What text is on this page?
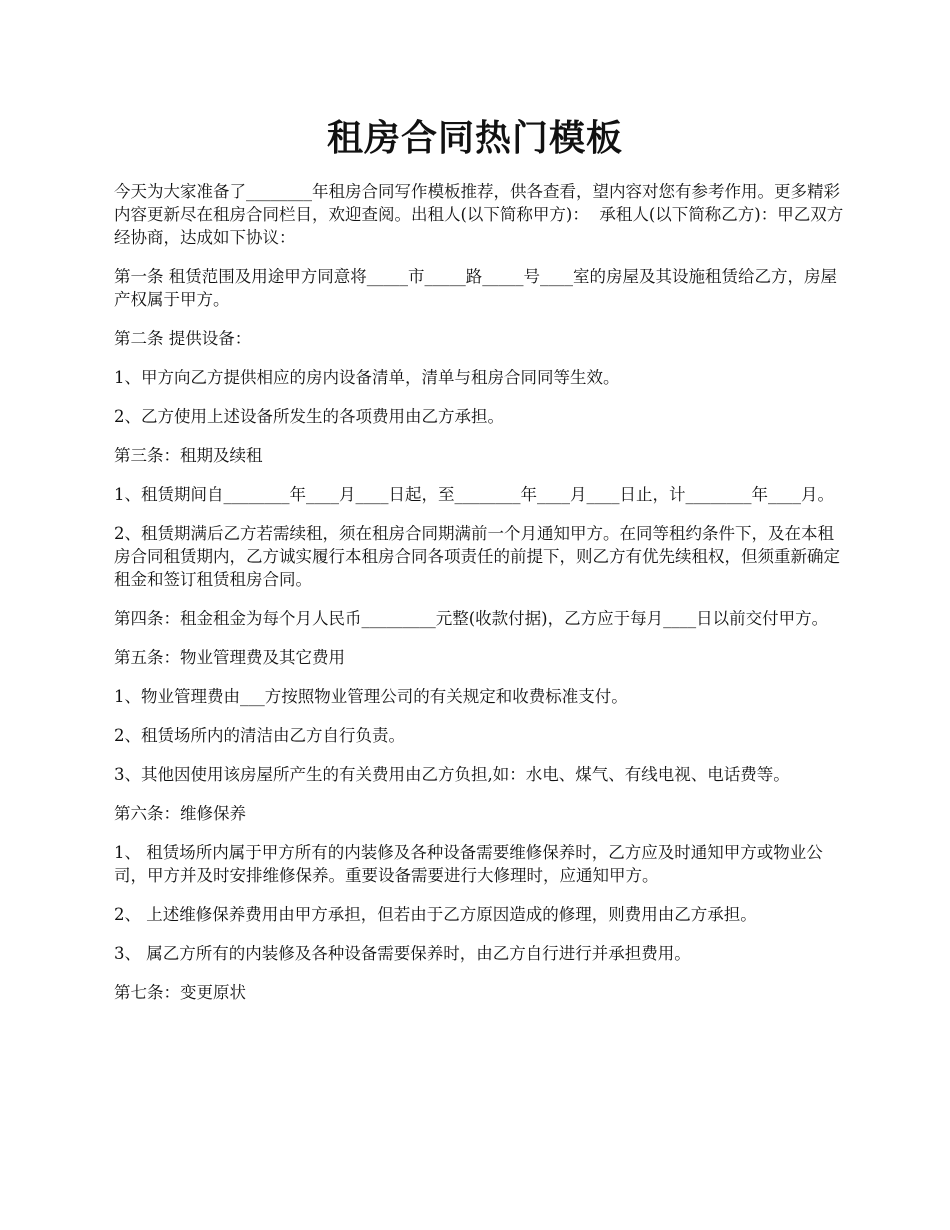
租房合同热门模板

今天为大家准备了________年租房合同写作模板推荐，供各查看，望内容对您有参考作用。更多精彩内容更新尽在租房合同栏目，欢迎查阅。出租人(以下简称甲方)：  承租人(以下简称乙方)：甲乙双方经协商，达成如下协议：

第一条 租赁范围及用途甲方同意将_____市_____路_____号____室的房屋及其设施租赁给乙方，房屋产权属于甲方。

第二条 提供设备：

1、甲方向乙方提供相应的房内设备清单，清单与租房合同同等生效。

2、乙方使用上述设备所发生的各项费用由乙方承担。

第三条：租期及续租

1、租赁期间自________年____月____日起，至________年____月____日止，计________年____月。

2、租赁期满后乙方若需续租，须在租房合同期满前一个月通知甲方。在同等租约条件下，及在本租房合同租赁期内，乙方诚实履行本租房合同各项责任的前提下，则乙方有优先续租权，但须重新确定租金和签订租赁租房合同。

第四条：租金租金为每个月人民币_________元整(收款付据)，乙方应于每月____日以前交付甲方。

第五条：物业管理费及其它费用

1、物业管理费由___方按照物业管理公司的有关规定和收费标准支付。

2、租赁场所内的清洁由乙方自行负责。

3、其他因使用该房屋所产生的有关费用由乙方负担,如：水电、煤气、有线电视、电话费等。

第六条：维修保养

1、 租赁场所内属于甲方所有的内装修及各种设备需要维修保养时，乙方应及时通知甲方或物业公司，甲方并及时安排维修保养。重要设备需要进行大修理时，应通知甲方。

2、 上述维修保养费用由甲方承担，但若由于乙方原因造成的修理，则费用由乙方承担。

3、 属乙方所有的内装修及各种设备需要保养时，由乙方自行进行并承担费用。

第七条：变更原状
